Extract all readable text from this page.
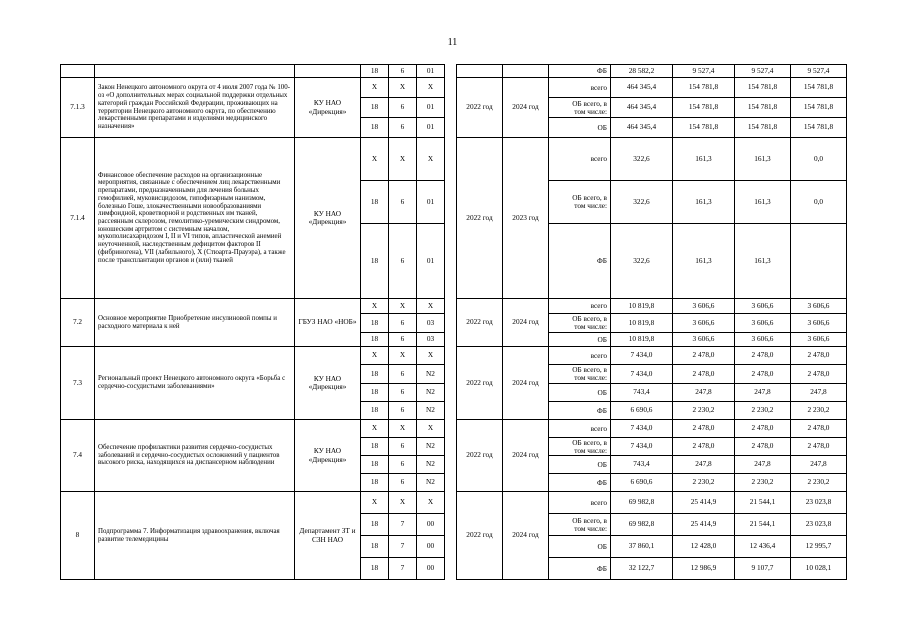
11
			18	6	01					ФБ	28 582,2	9 527,4	9 527,4	9 527,4
7.1.3	Закон Ненецкого автономного округа от 4 июля 2007 года № 100-оз «О дополнительных мерах социальной поддержки отдельных категорий граждан Российской Федерации, проживающих на территории Ненецкого автономного округа, по обеспечению лекарственными препаратами и изделиями медицинского назначения»	КУ НАО «Дирекция»	X	X	X		2022 год	2024 год		всего	464 345,4	154 781,8	154 781,8	154 781,8
			18	6	01					ОБ всего, в том числе:	464 345,4	154 781,8	154 781,8	154 781,8
			18	6	01					ОБ	464 345,4	154 781,8	154 781,8	154 781,8
7.1.4	Финансовое обеспечение расходов на организационные мероприятия, связанные с обеспечением лиц лекарственными препаратами, предназначенными для лечения больных гемофилией, муковисцидозом, гипофизарным нанизмом, болезнью Гоше, злокачественными новообразованиями лимфоидной, кроветворной и родственных им тканей, рассеянным склерозом, гемолитико-уремическим синдромом, юношеским артритом с системным началом, мукополисахаридозом I, II и VI типов, апластической анемией неуточненной, наследственным дефицитом факторов II (фибриногена), VII (лабильного), X (Стюарта-Прауэра), а также после трансплантации органов и (или) тканей	КУ НАО «Дирекция»	X	X	X		2022 год	2023 год		всего	322,6	161,3	161,3	0,0
			18	6	01					ОБ всего, в том числе:	322,6	161,3	161,3	0,0
			18	6	01					ФБ	322,6	161,3	161,3	
7.2	Основное мероприятие Приобретение инсулиновой помпы и расходного материала к ней	ГБУЗ НАО «НОБ»	X	X	X		2022 год	2024 год		всего	10 819,8	3 606,6	3 606,6	3 606,6
			18	6	03					ОБ всего, в том числе:	10 819,8	3 606,6	3 606,6	3 606,6
			18	6	03					ОБ	10 819,8	3 606,6	3 606,6	3 606,6
7.3	Региональный проект Ненецкого автономного округа «Борьба с сердечно-сосудистыми заболеваниями»	КУ НАО «Дирекция»	X	X	X		2022 год	2024 год		всего	7 434,0	2 478,0	2 478,0	2 478,0
			18	6	N2					ОБ всего, в том числе:	7 434,0	2 478,0	2 478,0	2 478,0
			18	6	N2					ОБ	743,4	247,8	247,8	247,8
			18	6	N2					ФБ	6 690,6	2 230,2	2 230,2	2 230,2
7.4	Обеспечение профилактики развития сердечно-сосудистых заболеваний и сердечно-сосудистых осложнений у пациентов высокого риска, находящихся на диспансерном наблюдении	КУ НАО «Дирекция»	X	X	X		2022 год	2024 год		всего	7 434,0	2 478,0	2 478,0	2 478,0
			18	6	N2					ОБ всего, в том числе:	7 434,0	2 478,0	2 478,0	2 478,0
			18	6	N2					ОБ	743,4	247,8	247,8	247,8
			18	6	N2					ФБ	6 690,6	2 230,2	2 230,2	2 230,2
8	Подпрограмма 7. Информатизация здравоохранения, включая развитие телемедицины	Департамент ЗТ и СЗН НАО	X	X	X		2022 год	2024 год		всего	69 982,8	25 414,9	21 544,1	23 023,8
			18	7	00					ОБ всего, в том числе:	69 982,8	25 414,9	21 544,1	23 023,8
			18	7	00					ОБ	37 860,1	12 428,0	12 436,4	12 995,7
			18	7	00					ФБ	32 122,7	12 986,9	9 107,7	10 028,1
